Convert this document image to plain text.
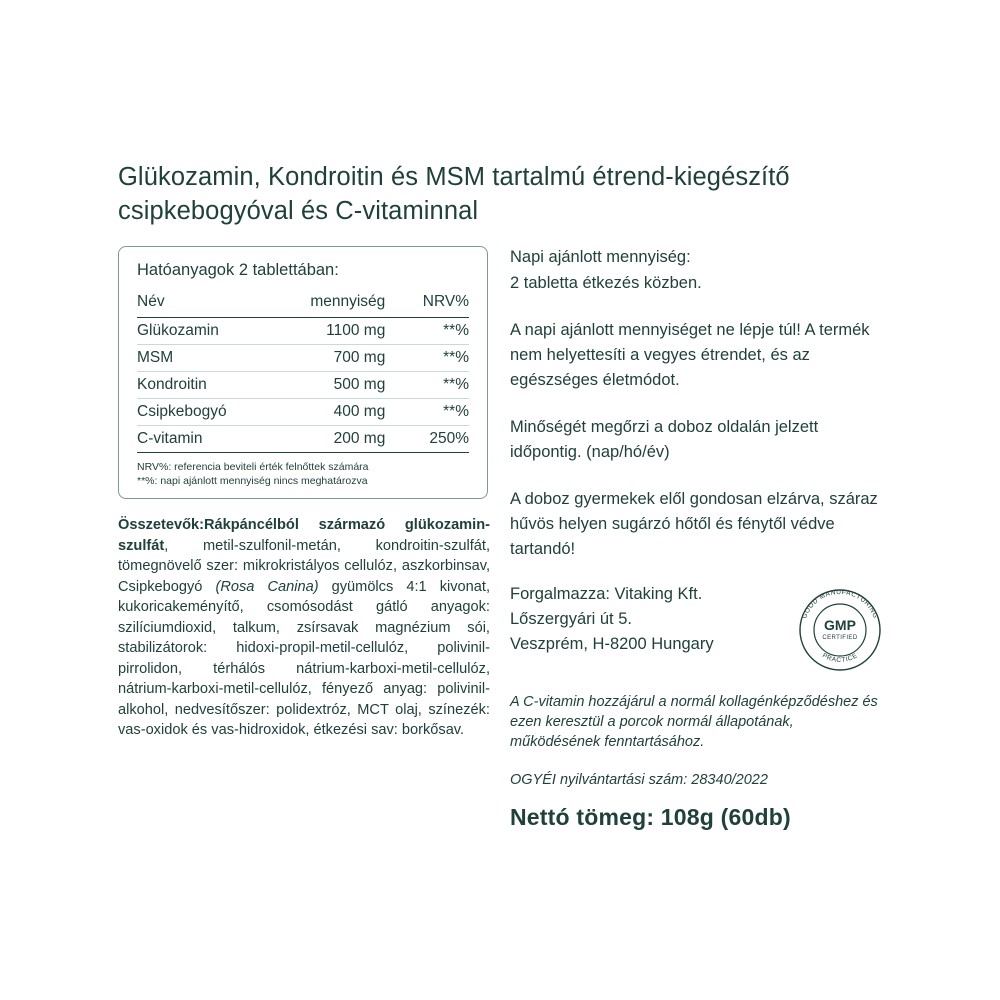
Glükozamin, Kondroitin és MSM tartalmú étrend-kiegészítő csipkebogyóval és C-vitaminnal
Hatóanyagok 2 tablettában:
Név	mennyiség	NRV%
Glükozamin	1100 mg	**%
MSM	700 mg	**%
Kondroitin	500 mg	**%
Csipkebogyó	400 mg	**%
C-vitamin	200 mg	250%
NRV%: referencia beviteli érték felnőttek számára
**%: napi ajánlott mennyiség nincs meghatározva
Összetevők:Rákpáncélból származó glükozamin-szulfát, metil-szulfonil-metán, kondroitin-szulfát, tömegnövelő szer: mikrokristályos cellulóz, aszkorbinsav, Csipkebogyó (Rosa Canina) gyümölcs 4:1 kivonat, kukoricakeményítő, csomósodást gátló anyagok: szilíciumdioxid, talkum, zsírsavak magnézium sói, stabilizátorok: hidoxi-propil-metil-cellulóz, polivinil-pirrolidon, térhálós nátrium-karboxi-metil-cellulóz, nátrium-karboxi-metil-cellulóz, fényező anyag: polivinil-alkohol, nedvesítőszer: polidextróz, MCT olaj, színezék: vas-oxidok és vas-hidroxidok, étkezési sav: borkősav.
Napi ajánlott mennyiség:
2 tabletta étkezés közben.
A napi ajánlott mennyiséget ne lépje túl! A termék nem helyettesíti a vegyes étrendet, és az egészséges életmódot.
Minőségét megőrzi a doboz oldalán jelzett időpontig. (nap/hó/év)
A doboz gyermekek elől gondosan elzárva, száraz hűvös helyen sugárzó hőtől és fénytől védve tartandó!
Forgalmazza: Vitaking Kft.
Lőszergyári út 5.
Veszprém, H-8200 Hungary
GOOD MANUFACTURING
PRACTICE
GMP
CERTIFIED
A C-vitamin hozzájárul a normál kollagénképződéshez és ezen keresztül a porcok normál állapotának, működésének fenntartásához.
OGYÉI nyilvántartási szám: 28340/2022
Nettó tömeg: 108g (60db)
